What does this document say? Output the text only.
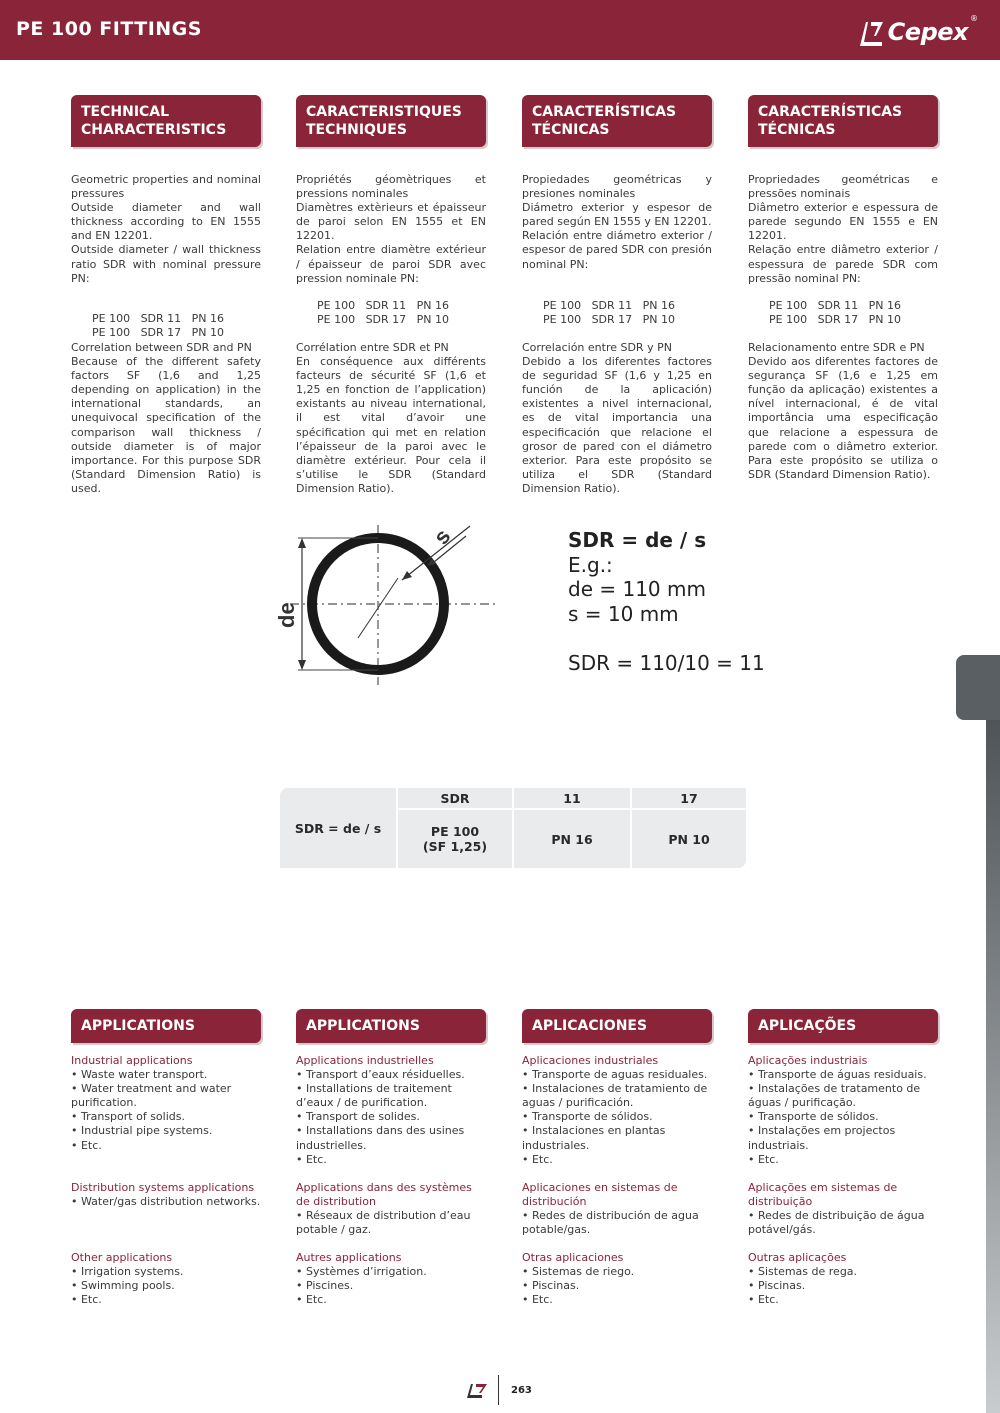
PE 100 FITTINGS	Cepex ®
TECHNICAL
CHARACTERISTICS
CARACTERISTIQUES
TECHNIQUES
CARACTERÍSTICAS
TÉCNICAS
CARACTERÍSTICAS
TÉCNICAS
Geometric properties and nominal pressures
Outside diameter and wall thickness according to EN 1555 and EN 12201.
Outside diameter / wall thickness ratio SDR with nominal pressure PN:
PE 100   SDR 11   PN 16
PE 100   SDR 17   PN 10
Propriétés géomètriques et pressions nominales
Diamètres extèrieurs et épaisseur de paroi selon EN 1555 et EN 12201.
Relation entre diamètre extérieur / épaisseur de paroi SDR avec pression nominale PN:
Propiedades geométricas y presiones nominales
Diámetro exterior y espesor de pared según EN 1555 y EN 12201.
Relación entre diámetro exterior / espesor de pared SDR con presión nominal PN:
Propriedades geométricas e pressões nominais
Diâmetro exterior e espessura de parede segundo EN 1555 e EN 12201.
Relação entre diâmetro exterior / espessura de parede SDR com pressão nominal PN:
PE 100   SDR 11   PN 16
PE 100   SDR 17   PN 10
PE 100   SDR 11   PN 16
PE 100   SDR 17   PN 10
PE 100   SDR 11   PN 16
PE 100   SDR 17   PN 10
Correlation between SDR and PN
Because of the different safety factors SF (1,6 and 1,25 depending on application) in the international standards, an unequivocal specification of the comparison wall thickness / outside diameter is of major importance. For this purpose SDR (Standard Dimension Ratio) is used.
Corrélation entre SDR et PN
En conséquence aux différents facteurs de sécurité SF (1,6 et 1,25 en fonction de l’application) existants au niveau international, il est vital d’avoir une spécification qui met en relation l’épaisseur de la paroi avec le diamètre extérieur. Pour cela il s’utilise le SDR (Standard Dimension Ratio).
Correlación entre SDR y PN
Debido a los diferentes factores de seguridad SF (1,6 y 1,25 en función de la aplicación) existentes a nivel internacional, es de vital importancia una especificación que relacione el grosor de pared con el diámetro exterior. Para este propósito se utiliza el SDR (Standard Dimension Ratio).
Relacionamento entre SDR e PN
Devido aos diferentes factores de segurança SF (1,6 e 1,25 em função da aplicação) existentes a nível internacional, é de vital importância uma especificação que relacione a espessura de parede com o diâmetro exterior. Para este propósito se utiliza o SDR (Standard Dimension Ratio).
de
s	SDR = de / s
E.g.:
de = 110 mm
s = 10 mm
SDR = 110/10 = 11
SDR = de / s	SDR	11	17
	PE 100
(SF 1,25)	PN 16	PN 10
APPLICATIONS	APPLICATIONS	APLICACIONES	APLICAÇÕES
Industrial applications
• Waste water transport.
• Water treatment and water purification.
• Transport of solids.
• Industrial pipe systems.
• Etc.
Applications industrielles
• Transport d’eaux résiduelles.
• Installations de traitement d’eaux / de purification.
• Transport de solides.
• Installations dans des usines industrielles.
• Etc.
Aplicaciones industriales
• Transporte de aguas residuales.
• Instalaciones de tratamiento de aguas / purificación.
• Transporte de sólidos.
• Instalaciones en plantas industriales.
• Etc.
Aplicações industriais
• Transporte de águas residuais.
• Instalações de tratamento de águas / purificação.
• Transporte de sólidos.
• Instalações em projectos industriais.
• Etc.
Distribution systems applications
• Water/gas distribution networks.
Applications dans des systèmes de distribution
• Réseaux de distribution d’eau potable / gaz.
Aplicaciones en sistemas de distribución
• Redes de distribución de agua potable/gas.
Aplicações em sistemas de distribuição
• Redes de distribuição de água potável/gás.
Other applications
• Irrigation systems.
• Swimming pools.
• Etc.
Autres applications
• Systèmes d’irrigation.
• Piscines.
• Etc.
Otras aplicaciones
• Sistemas de riego.
• Piscinas.
• Etc.
Outras aplicações
• Sistemas de rega.
• Piscinas.
• Etc.
263
